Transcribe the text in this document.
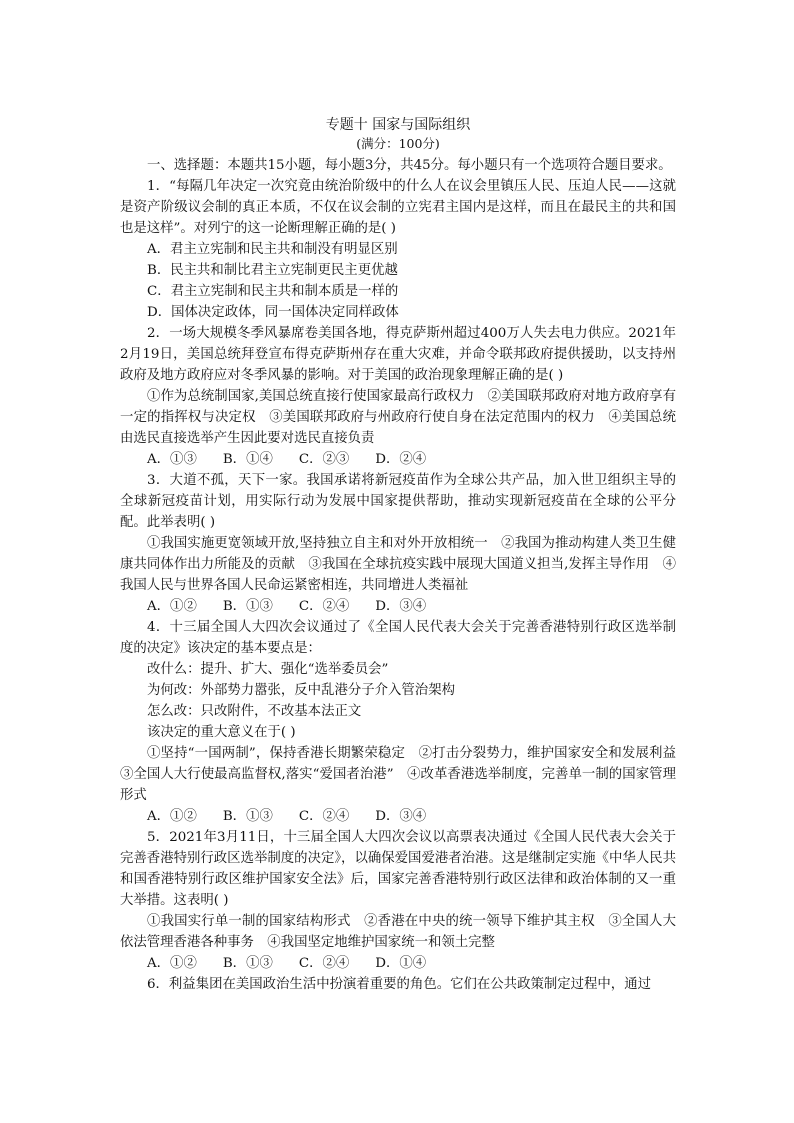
专题十 国家与国际组织

(满分：100分)

一、选择题：本题共15小题，每小题3分，共45分。每小题只有一个选项符合题目要求。

1．“每隔几年决定一次究竟由统治阶级中的什么人在议会里镇压人民、压迫人民——这就是资产阶级议会制的真正本质，不仅在议会制的立宪君主国内是这样，而且在最民主的共和国也是这样”。对列宁的这一论断理解正确的是( )

A．君主立宪制和民主共和制没有明显区别

B．民主共和制比君主立宪制更民主更优越

C．君主立宪制和民主共和制本质是一样的

D．国体决定政体，同一国体决定同样政体

2．一场大规模冬季风暴席卷美国各地，得克萨斯州超过400万人失去电力供应。2021年2月19日，美国总统拜登宣布得克萨斯州存在重大灾难，并命令联邦政府提供援助，以支持州政府及地方政府应对冬季风暴的影响。对于美国的政治现象理解正确的是( )

①作为总统制国家,美国总统直接行使国家最高行政权力　②美国联邦政府对地方政府享有一定的指挥权与决定权　③美国联邦政府与州政府行使自身在法定范围内的权力　④美国总统由选民直接选举产生因此要对选民直接负责

A．①③ B．①④ C．②③ D．②④

3．大道不孤，天下一家。我国承诺将新冠疫苗作为全球公共产品，加入世卫组织主导的全球新冠疫苗计划，用实际行动为发展中国家提供帮助，推动实现新冠疫苗在全球的公平分配。此举表明( )

①我国实施更宽领域开放,坚持独立自主和对外开放相统一　②我国为推动构建人类卫生健康共同体作出力所能及的贡献　③我国在全球抗疫实践中展现大国道义担当,发挥主导作用　④我国人民与世界各国人民命运紧密相连，共同增进人类福祉

A．①② B．①③ C．②④ D．③④

4．十三届全国人大四次会议通过了《全国人民代表大会关于完善香港特别行政区选举制度的决定》该决定的基本要点是：

改什么：提升、扩大、强化“选举委员会”

为何改：外部势力嚣张，反中乱港分子介入管治架构

怎么改：只改附件，不改基本法正文

该决定的重大意义在于( )

①坚持“一国两制”，保持香港长期繁荣稳定　②打击分裂势力，维护国家安全和发展利益　③全国人大行使最高监督权,落实“爱国者治港”　④改革香港选举制度，完善单一制的国家管理形式

A．①② B．①③ C．②④ D．③④

5．2021年3月11日，十三届全国人大四次会议以高票表决通过《全国人民代表大会关于完善香港特别行政区选举制度的决定》，以确保爱国爱港者治港。这是继制定实施《中华人民共和国香港特别行政区维护国家安全法》后，国家完善香港特别行政区法律和政治体制的又一重大举措。这表明( )

①我国实行单一制的国家结构形式　②香港在中央的统一领导下维护其主权　③全国人大依法管理香港各种事务　④我国坚定地维护国家统一和领土完整

A．①② B．①③ C．②④ D．①④

6．利益集团在美国政治生活中扮演着重要的角色。它们在公共政策制定过程中，通过
